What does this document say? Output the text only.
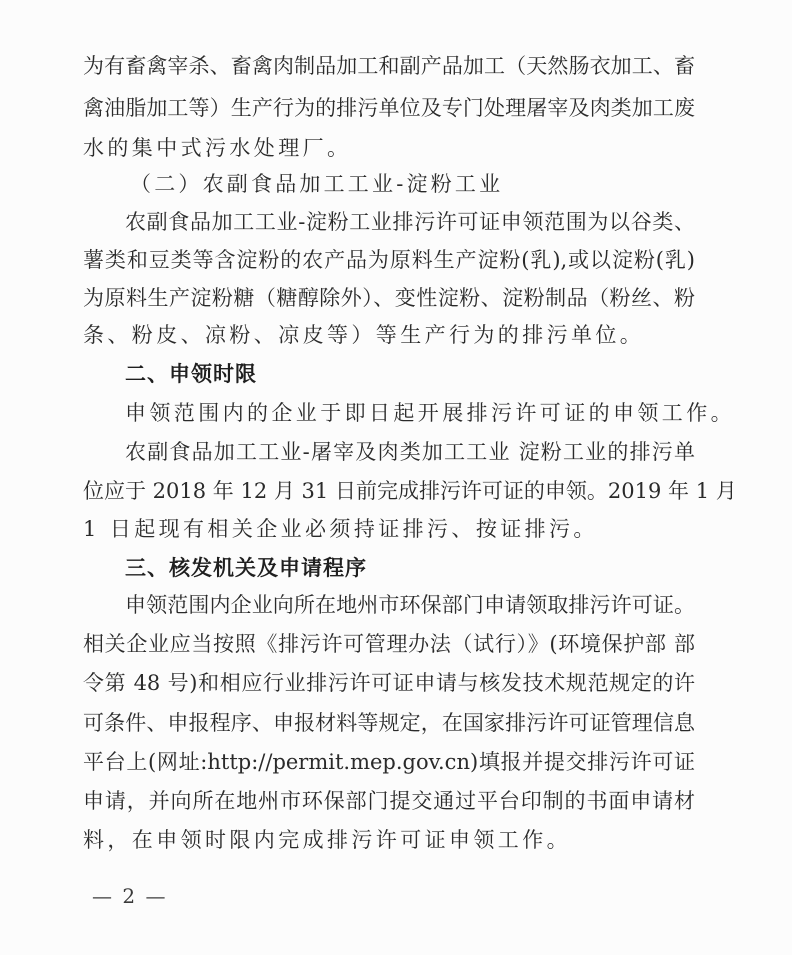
为有畜禽宰杀、畜禽肉制品加工和副产品加工（天然肠衣加工、畜
禽油脂加工等）生产行为的排污单位及专门处理屠宰及肉类加工废
水的集中式污水处理厂。
（二）农副食品加工工业-淀粉工业
农副食品加工工业-淀粉工业排污许可证申领范围为以谷类、
薯类和豆类等含淀粉的农产品为原料生产淀粉(乳),或以淀粉(乳)
为原料生产淀粉糖（糖醇除外）、变性淀粉、淀粉制品（粉丝、粉
条、粉皮、凉粉、凉皮等）等生产行为的排污单位。
二、申领时限
申领范围内的企业于即日起开展排污许可证的申领工作。
农副食品加工工业-屠宰及肉类加工工业 淀粉工业的排污单
位应于 2018 年 12 月 31 日前完成排污许可证的申领。2019 年 1 月
1 日起现有相关企业必须持证排污、按证排污。
三、核发机关及申请程序
申领范围内企业向所在地州市环保部门申请领取排污许可证。
相关企业应当按照《排污许可管理办法（试行）》(环境保护部 部
令第 48 号)和相应行业排污许可证申请与核发技术规范规定的许
可条件、申报程序、申报材料等规定，在国家排污许可证管理信息
平台上(网址:http://permit.mep.gov.cn)填报并提交排污许可证
申请，并向所在地州市环保部门提交通过平台印制的书面申请材
料，在申领时限内完成排污许可证申领工作。
— 2 —
